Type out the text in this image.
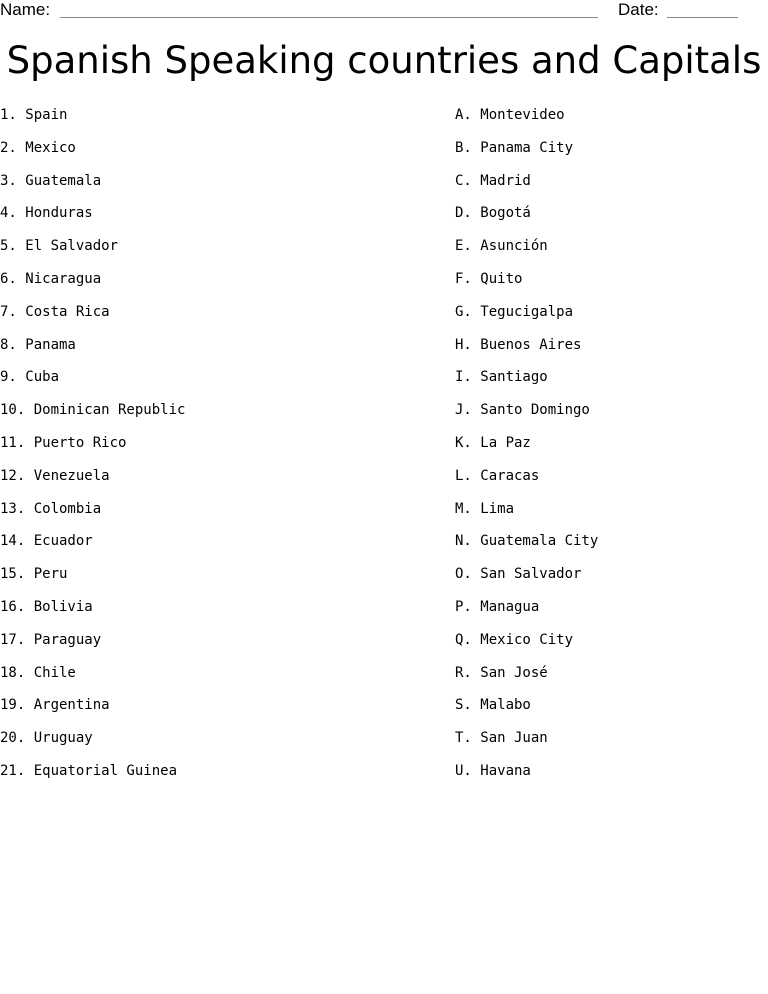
Name:	Date:
Spanish Speaking countries and Capitals
1. Spain
2. Mexico
3. Guatemala
4. Honduras
5. El Salvador
6. Nicaragua
7. Costa Rica
8. Panama
9. Cuba
10. Dominican Republic
11. Puerto Rico
12. Venezuela
13. Colombia
14. Ecuador
15. Peru
16. Bolivia
17. Paraguay
18. Chile
19. Argentina
20. Uruguay
21. Equatorial Guinea
A. Montevideo
B. Panama City
C. Madrid
D. Bogotá
E. Asunción
F. Quito
G. Tegucigalpa
H. Buenos Aires
I. Santiago
J. Santo Domingo
K. La Paz
L. Caracas
M. Lima
N. Guatemala City
O. San Salvador
P. Managua
Q. Mexico City
R. San José
S. Malabo
T. San Juan
U. Havana
